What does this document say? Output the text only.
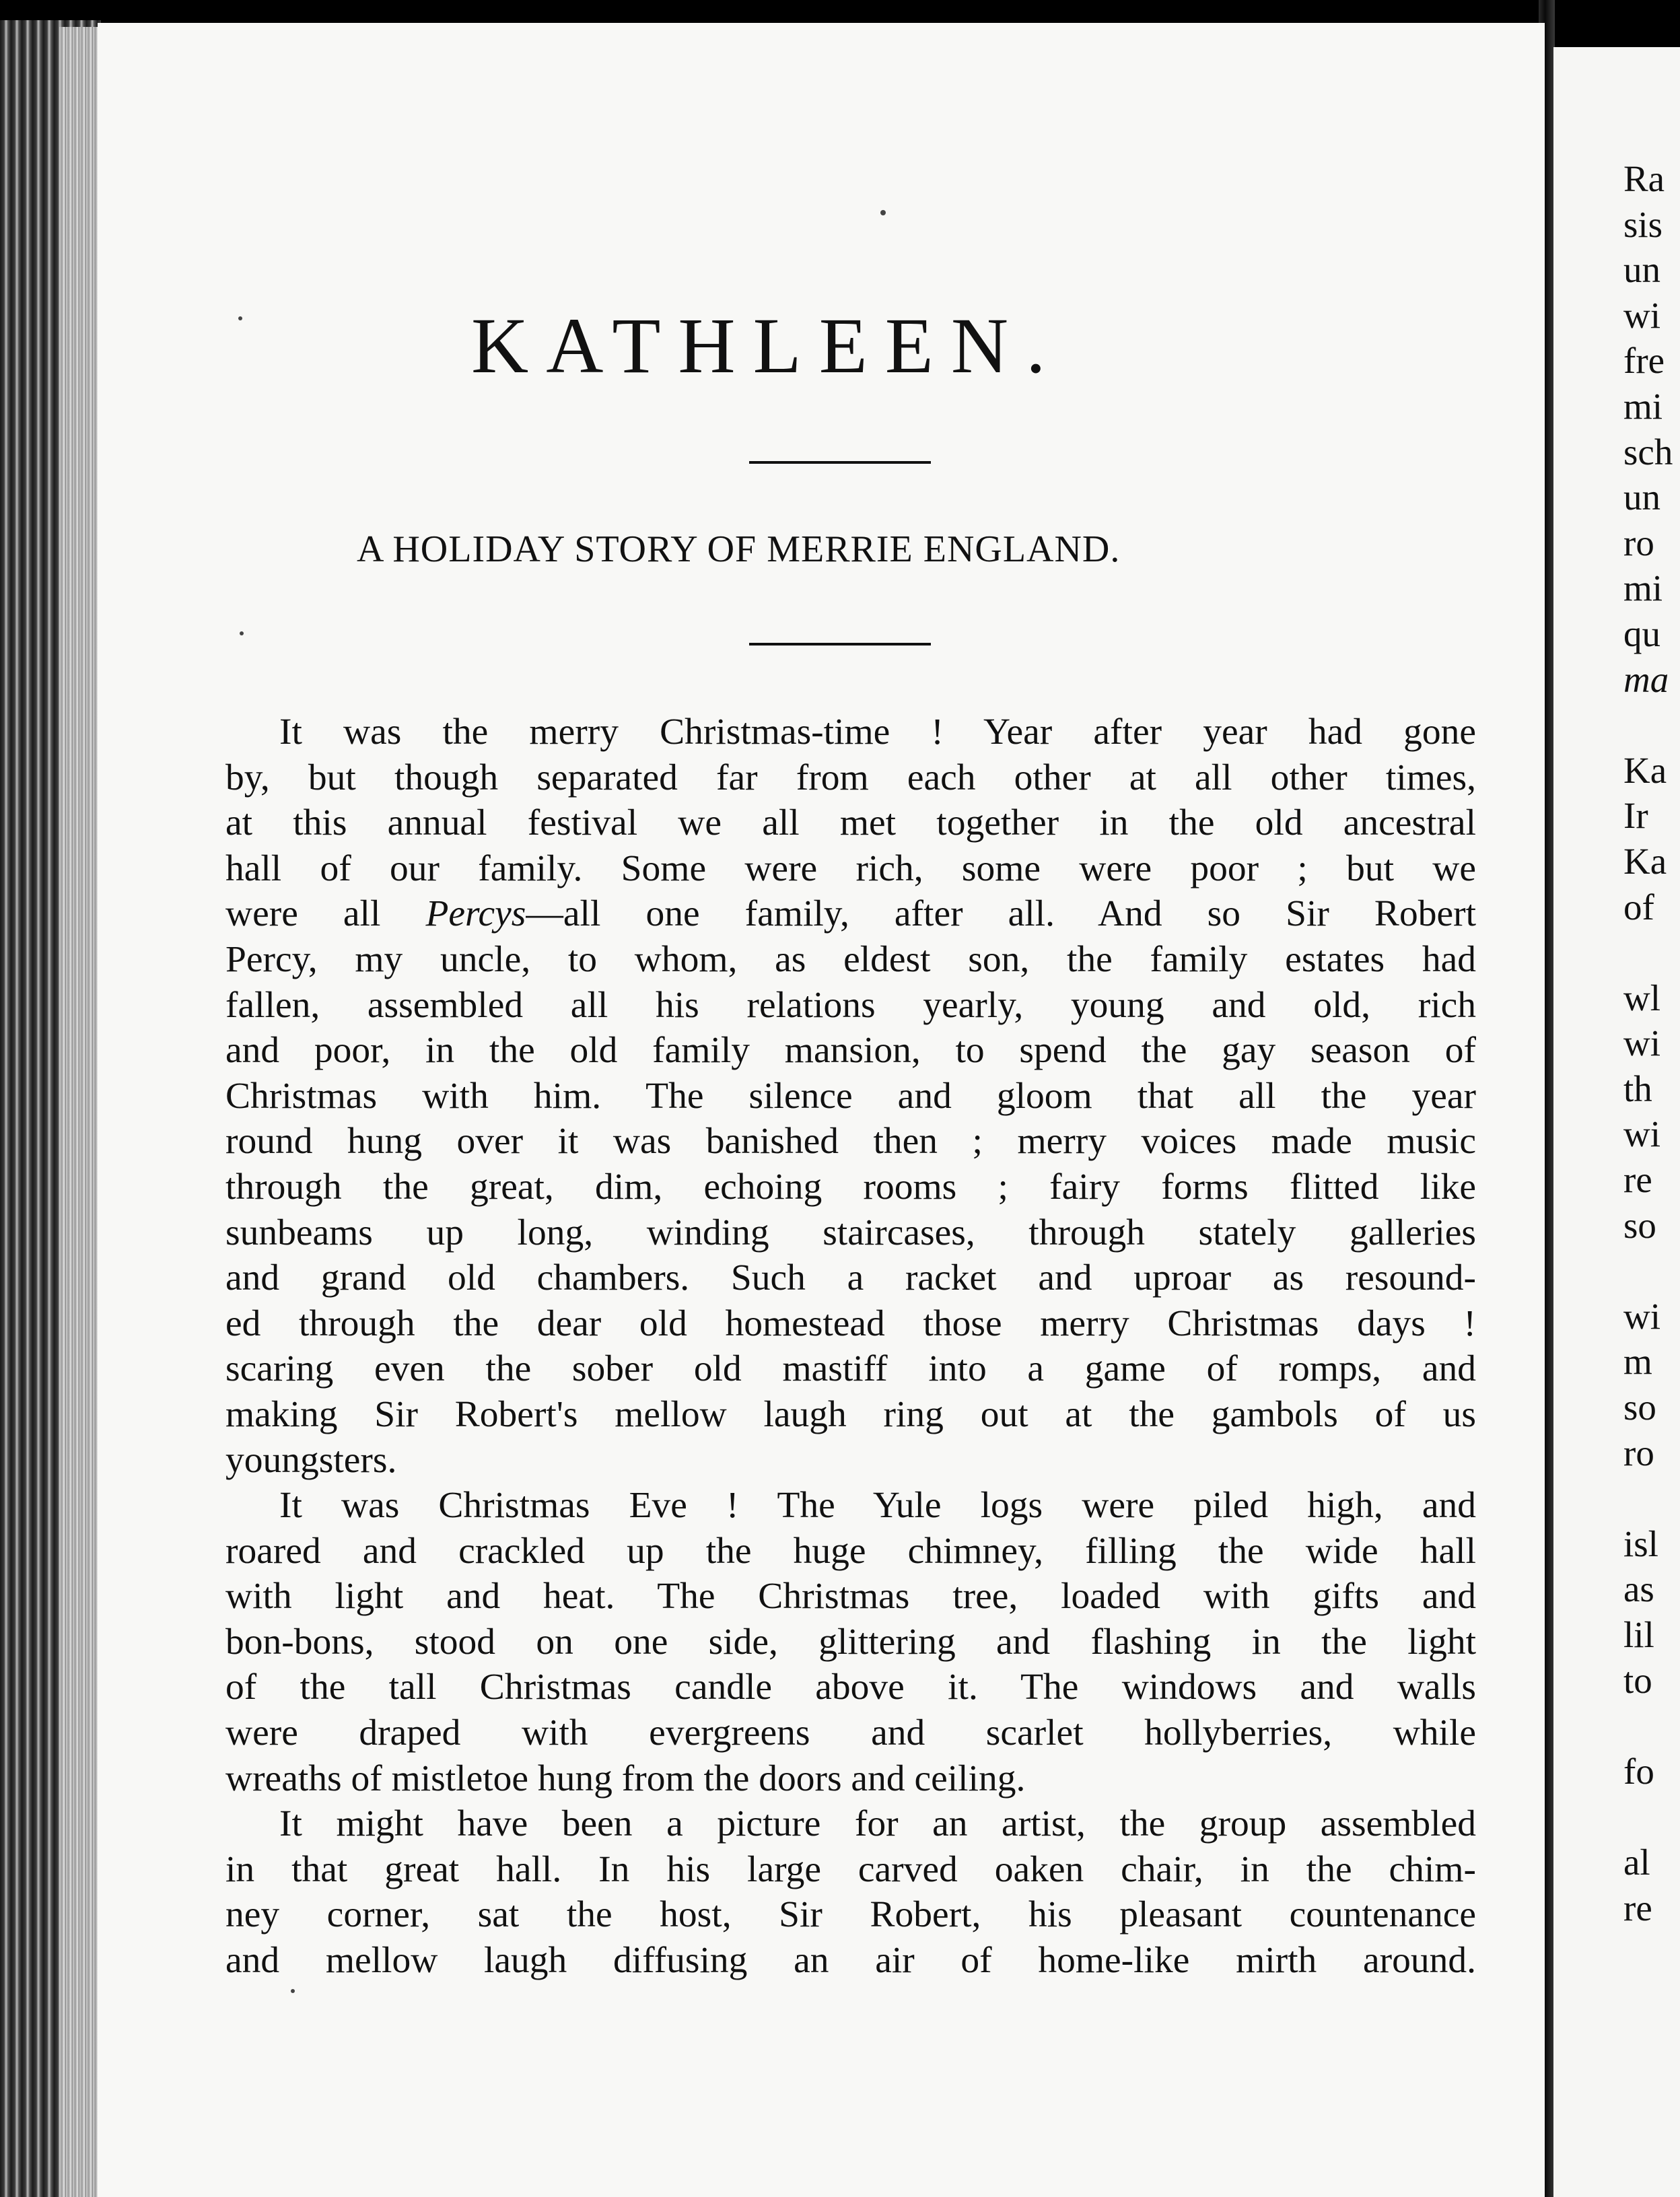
KATHLEEN.
A HOLIDAY STORY OF MERRIE ENGLAND.
It was the merry Christmas-time ! Year after year had gone
by, but though separated far from each other at all other times,
at this annual festival we all met together in the old ancestral
hall of our family. Some were rich, some were poor ; but we
were all Percys—all one family, after all. And so Sir Robert
Percy, my uncle, to whom, as eldest son, the family estates had
fallen, assembled all his relations yearly, young and old, rich
and poor, in the old family mansion, to spend the gay season of
Christmas with him. The silence and gloom that all the year
round hung over it was banished then ; merry voices made music
through the great, dim, echoing rooms ; fairy forms flitted like
sunbeams up long, winding staircases, through stately galleries
and grand old chambers. Such a racket and uproar as resound-
ed through the dear old homestead those merry Christmas days !
scaring even the sober old mastiff into a game of romps, and
making Sir Robert's mellow laugh ring out at the gambols of us
youngsters.
It was Christmas Eve ! The Yule logs were piled high, and
roared and crackled up the huge chimney, filling the wide hall
with light and heat. The Christmas tree, loaded with gifts and
bon-bons, stood on one side, glittering and flashing in the light
of the tall Christmas candle above it. The windows and walls
were draped with evergreens and scarlet hollyberries, while
wreaths of mistletoe hung from the doors and ceiling.
It might have been a picture for an artist, the group assembled
in that great hall. In his large carved oaken chair, in the chim-
ney corner, sat the host, Sir Robert, his pleasant countenance
and mellow laugh diffusing an air of home-like mirth around.
Ra
sis
un
wi
fre
mi
sch
un
ro
mi
qu
ma
Ka
Ir
Ka
of
wl
wi
th
wi
re
so
wi
m
so
ro
isl
as
lil
to
fo
al
re
